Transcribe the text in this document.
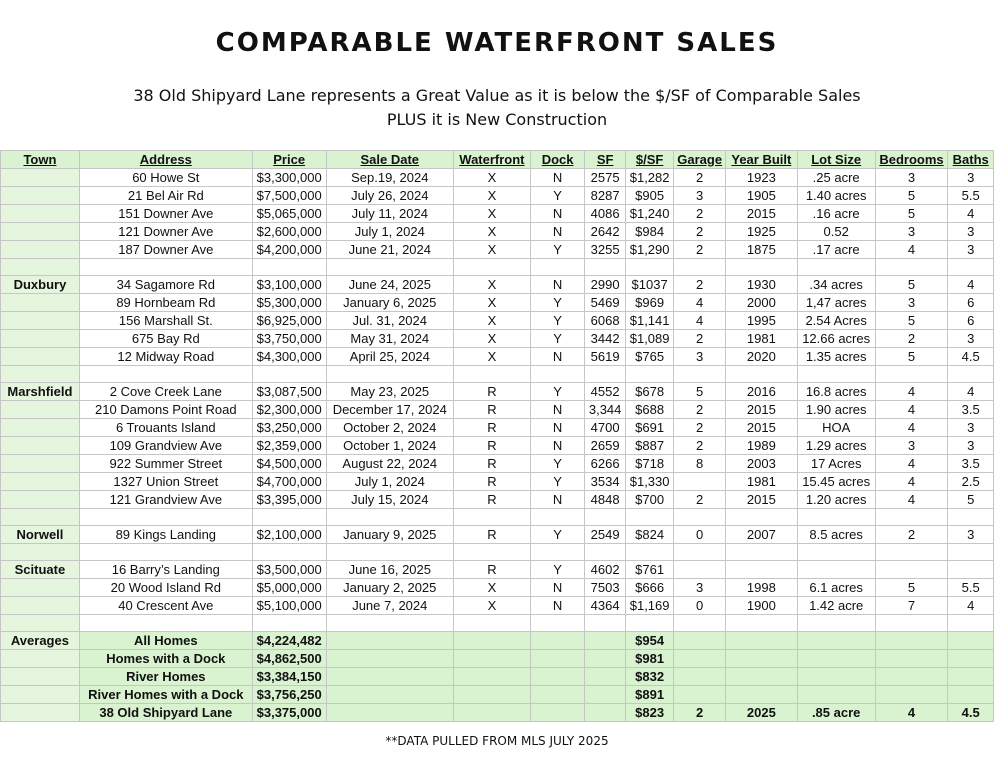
COMPARABLE WATERFRONT SALES
38 Old Shipyard Lane represents a Great Value as it is below the $/SF of Comparable Sales
PLUS it is New Construction
Town	Address	Price	Sale Date	Waterfront	Dock	SF	$/SF	Garage	Year Built	Lot Size	Bedrooms	Baths
	60 Howe St	$3,300,000	Sep.19, 2024	X	N	2575	$1,282	2	1923	.25 acre	3	3
	21 Bel Air Rd	$7,500,000	July 26, 2024	X	Y	8287	$905	3	1905	1.40 acres	5	5.5
	151 Downer Ave	$5,065,000	July 11, 2024	X	N	4086	$1,240	2	2015	.16 acre	5	4
	121 Downer Ave	$2,600,000	July 1, 2024	X	N	2642	$984	2	1925	0.52	3	3
	187 Downer Ave	$4,200,000	June 21, 2024	X	Y	3255	$1,290	2	1875	.17 acre	4	3

Duxbury	34 Sagamore Rd	$3,100,000	June 24, 2025	X	N	2990	$1037	2	1930	.34 acres	5	4
	89 Hornbeam Rd	$5,300,000	January 6, 2025	X	Y	5469	$969	4	2000	1,47 acres	3	6
	156 Marshall St.	$6,925,000	Jul. 31, 2024	X	Y	6068	$1,141	4	1995	2.54 Acres	5	6
	675 Bay Rd	$3,750,000	May 31, 2024	X	Y	3442	$1,089	2	1981	12.66 acres	2	3
	12 Midway Road	$4,300,000	April 25, 2024	X	N	5619	$765	3	2020	1.35 acres	5	4.5

Marshfield	2 Cove Creek Lane	$3,087,500	May 23, 2025	R	Y	4552	$678	5	2016	16.8 acres	4	4
	210 Damons Point Road	$2,300,000	December 17, 2024	R	N	3,344	$688	2	2015	1.90 acres	4	3.5
	6 Trouants Island	$3,250,000	October 2, 2024	R	N	4700	$691	2	2015	HOA	4	3
	109 Grandview Ave	$2,359,000	October 1, 2024	R	N	2659	$887	2	1989	1.29 acres	3	3
	922 Summer Street	$4,500,000	August 22, 2024	R	Y	6266	$718	8	2003	17 Acres	4	3.5
	1327 Union Street	$4,700,000	July 1, 2024	R	Y	3534	$1,330		1981	15.45 acres	4	2.5
	121 Grandview Ave	$3,395,000	July 15, 2024	R	N	4848	$700	2	2015	1.20 acres	4	5

Norwell	89 Kings Landing	$2,100,000	January 9, 2025	R	Y	2549	$824	0	2007	8.5 acres	2	3

Scituate	16 Barry’s Landing	$3,500,000	June 16, 2025	R	Y	4602	$761					
	20 Wood Island Rd	$5,000,000	January 2, 2025	X	N	7503	$666	3	1998	6.1 acres	5	5.5
	40 Crescent Ave	$5,100,000	June 7, 2024	X	N	4364	$1,169	0	1900	1.42 acre	7	4

Averages	All Homes	$4,224,482					$954					
	Homes with a Dock	$4,862,500					$981					
	River Homes	$3,384,150					$832					
	River Homes with a Dock	$3,756,250					$891					
	38 Old Shipyard Lane	$3,375,000					$823	2	2025	.85 acre	4	4.5
**DATA PULLED FROM MLS JULY 2025
